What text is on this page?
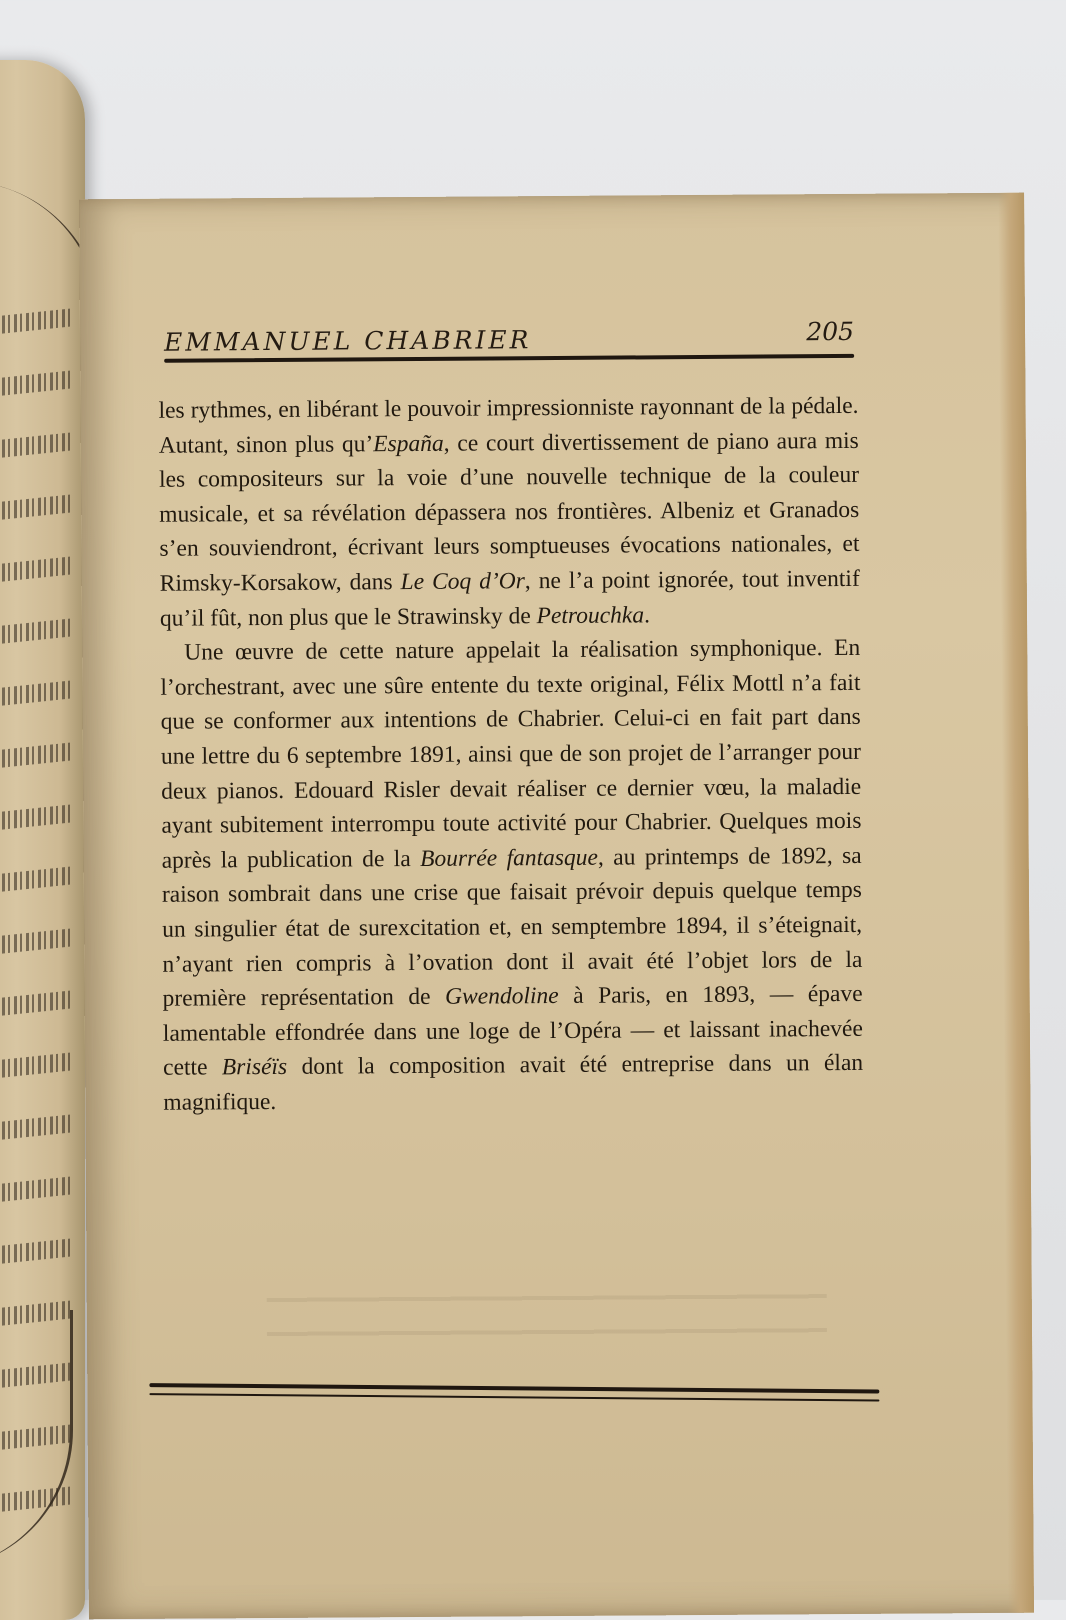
EMMANUEL CHABRIER	205

les rythmes, en libérant le pouvoir impressionniste rayonnant de la pédale. Autant, sinon plus qu’España, ce court divertissement de piano aura mis les compositeurs sur la voie d’une nouvelle technique de la couleur musicale, et sa révélation dépassera nos frontières. Albeniz et Granados s’en souviendront, écrivant leurs somptueuses évocations nationales, et Rimsky-Korsakow, dans Le Coq d’Or, ne l’a point ignorée, tout inventif qu’il fût, non plus que le Strawinsky de Petrouchka.

Une œuvre de cette nature appelait la réalisation symphonique. En l’orchestrant, avec une sûre entente du texte original, Félix Mottl n’a fait que se conformer aux intentions de Chabrier. Celui-ci en fait part dans une lettre du 6 septembre 1891, ainsi que de son projet de l’arranger pour deux pianos. Edouard Risler devait réaliser ce dernier vœu, la maladie ayant subitement interrompu toute activité pour Chabrier. Quelques mois après la publication de la Bourrée fantasque, au printemps de 1892, sa raison sombrait dans une crise que faisait prévoir depuis quelque temps un singulier état de surexcitation et, en semptembre 1894, il s’éteignait, n’ayant rien compris à l’ovation dont il avait été l’objet lors de la première représentation de Gwendoline à Paris, en 1893, — épave lamentable effondrée dans une loge de l’Opéra — et laissant inachevée cette Briséïs dont la composition avait été entreprise dans un élan magnifique.
